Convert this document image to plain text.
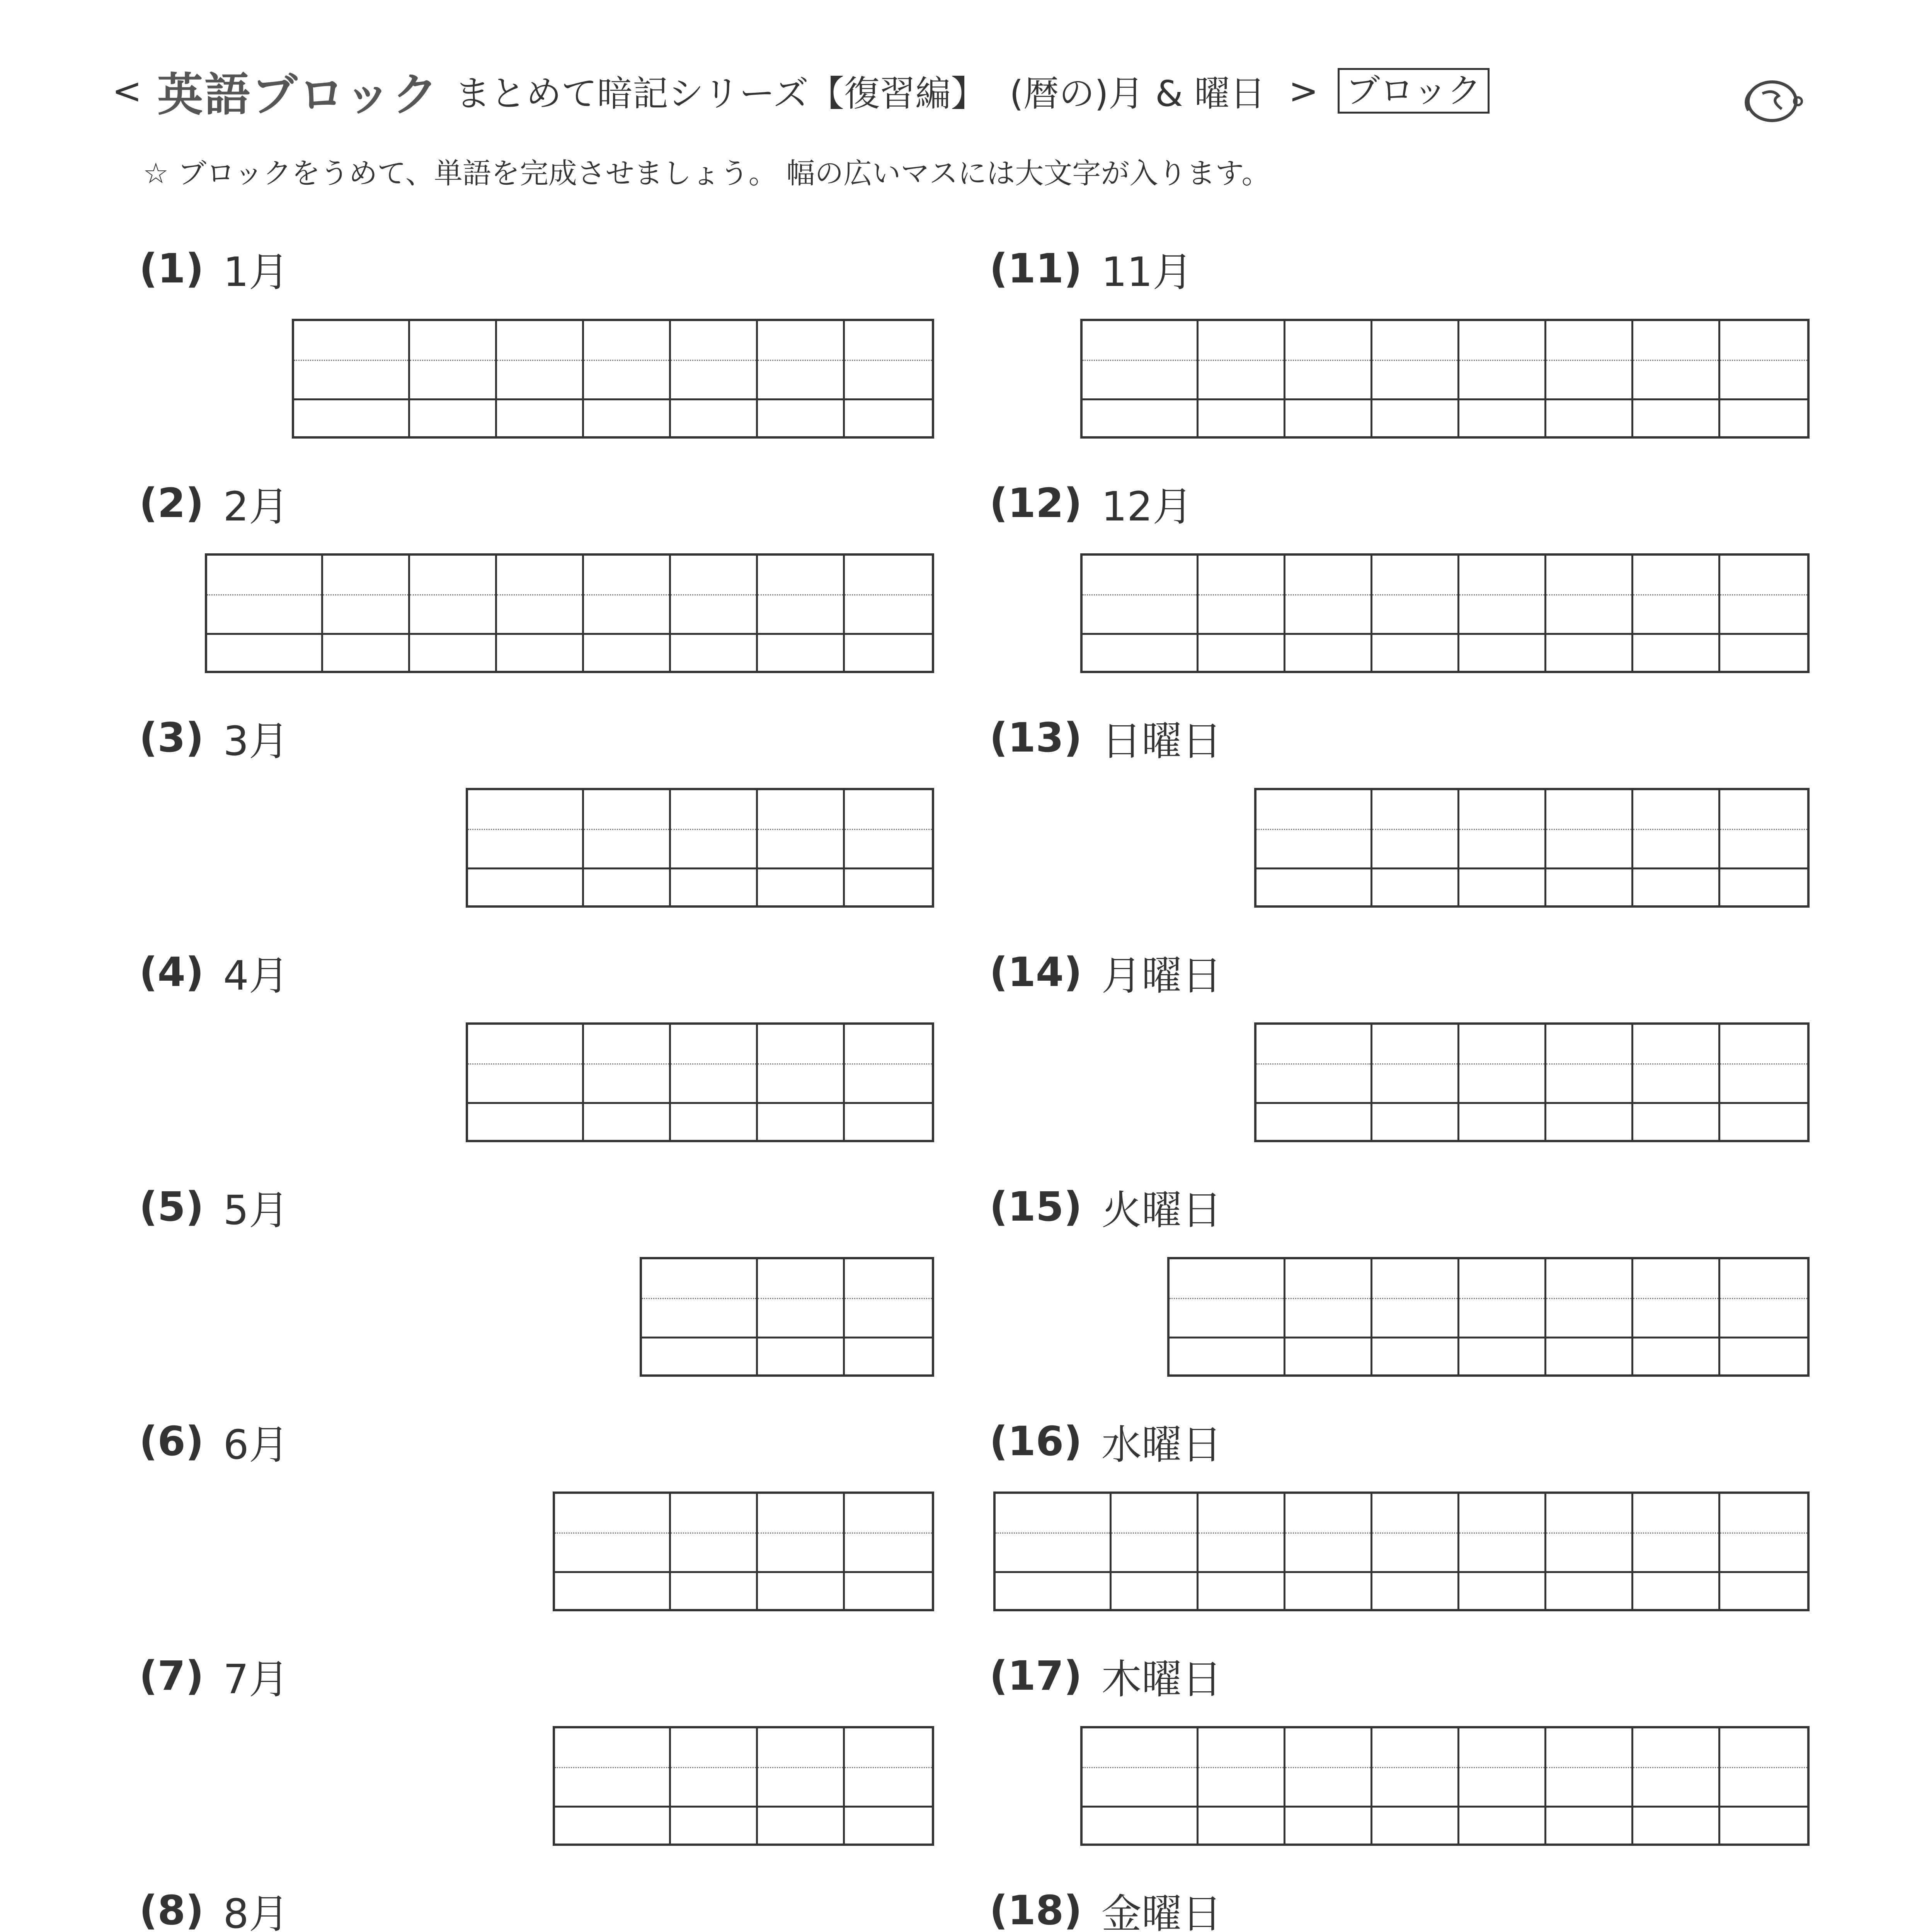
< 英語ブロック まとめて暗記シリーズ【復習編】 (暦の)月 & 曜日 > ブロック
☆ ブロックをうめて、単語を完成させましょう。 幅の広いマスには大文字が入ります。
(1) 1月
(2) 2月
(3) 3月
(4) 4月
(5) 5月
(6) 6月
(7) 7月
(8) 8月
(11) 11月
(12) 12月
(13) 日曜日
(14) 月曜日
(15) 火曜日
(16) 水曜日
(17) 木曜日
(18) 金曜日
